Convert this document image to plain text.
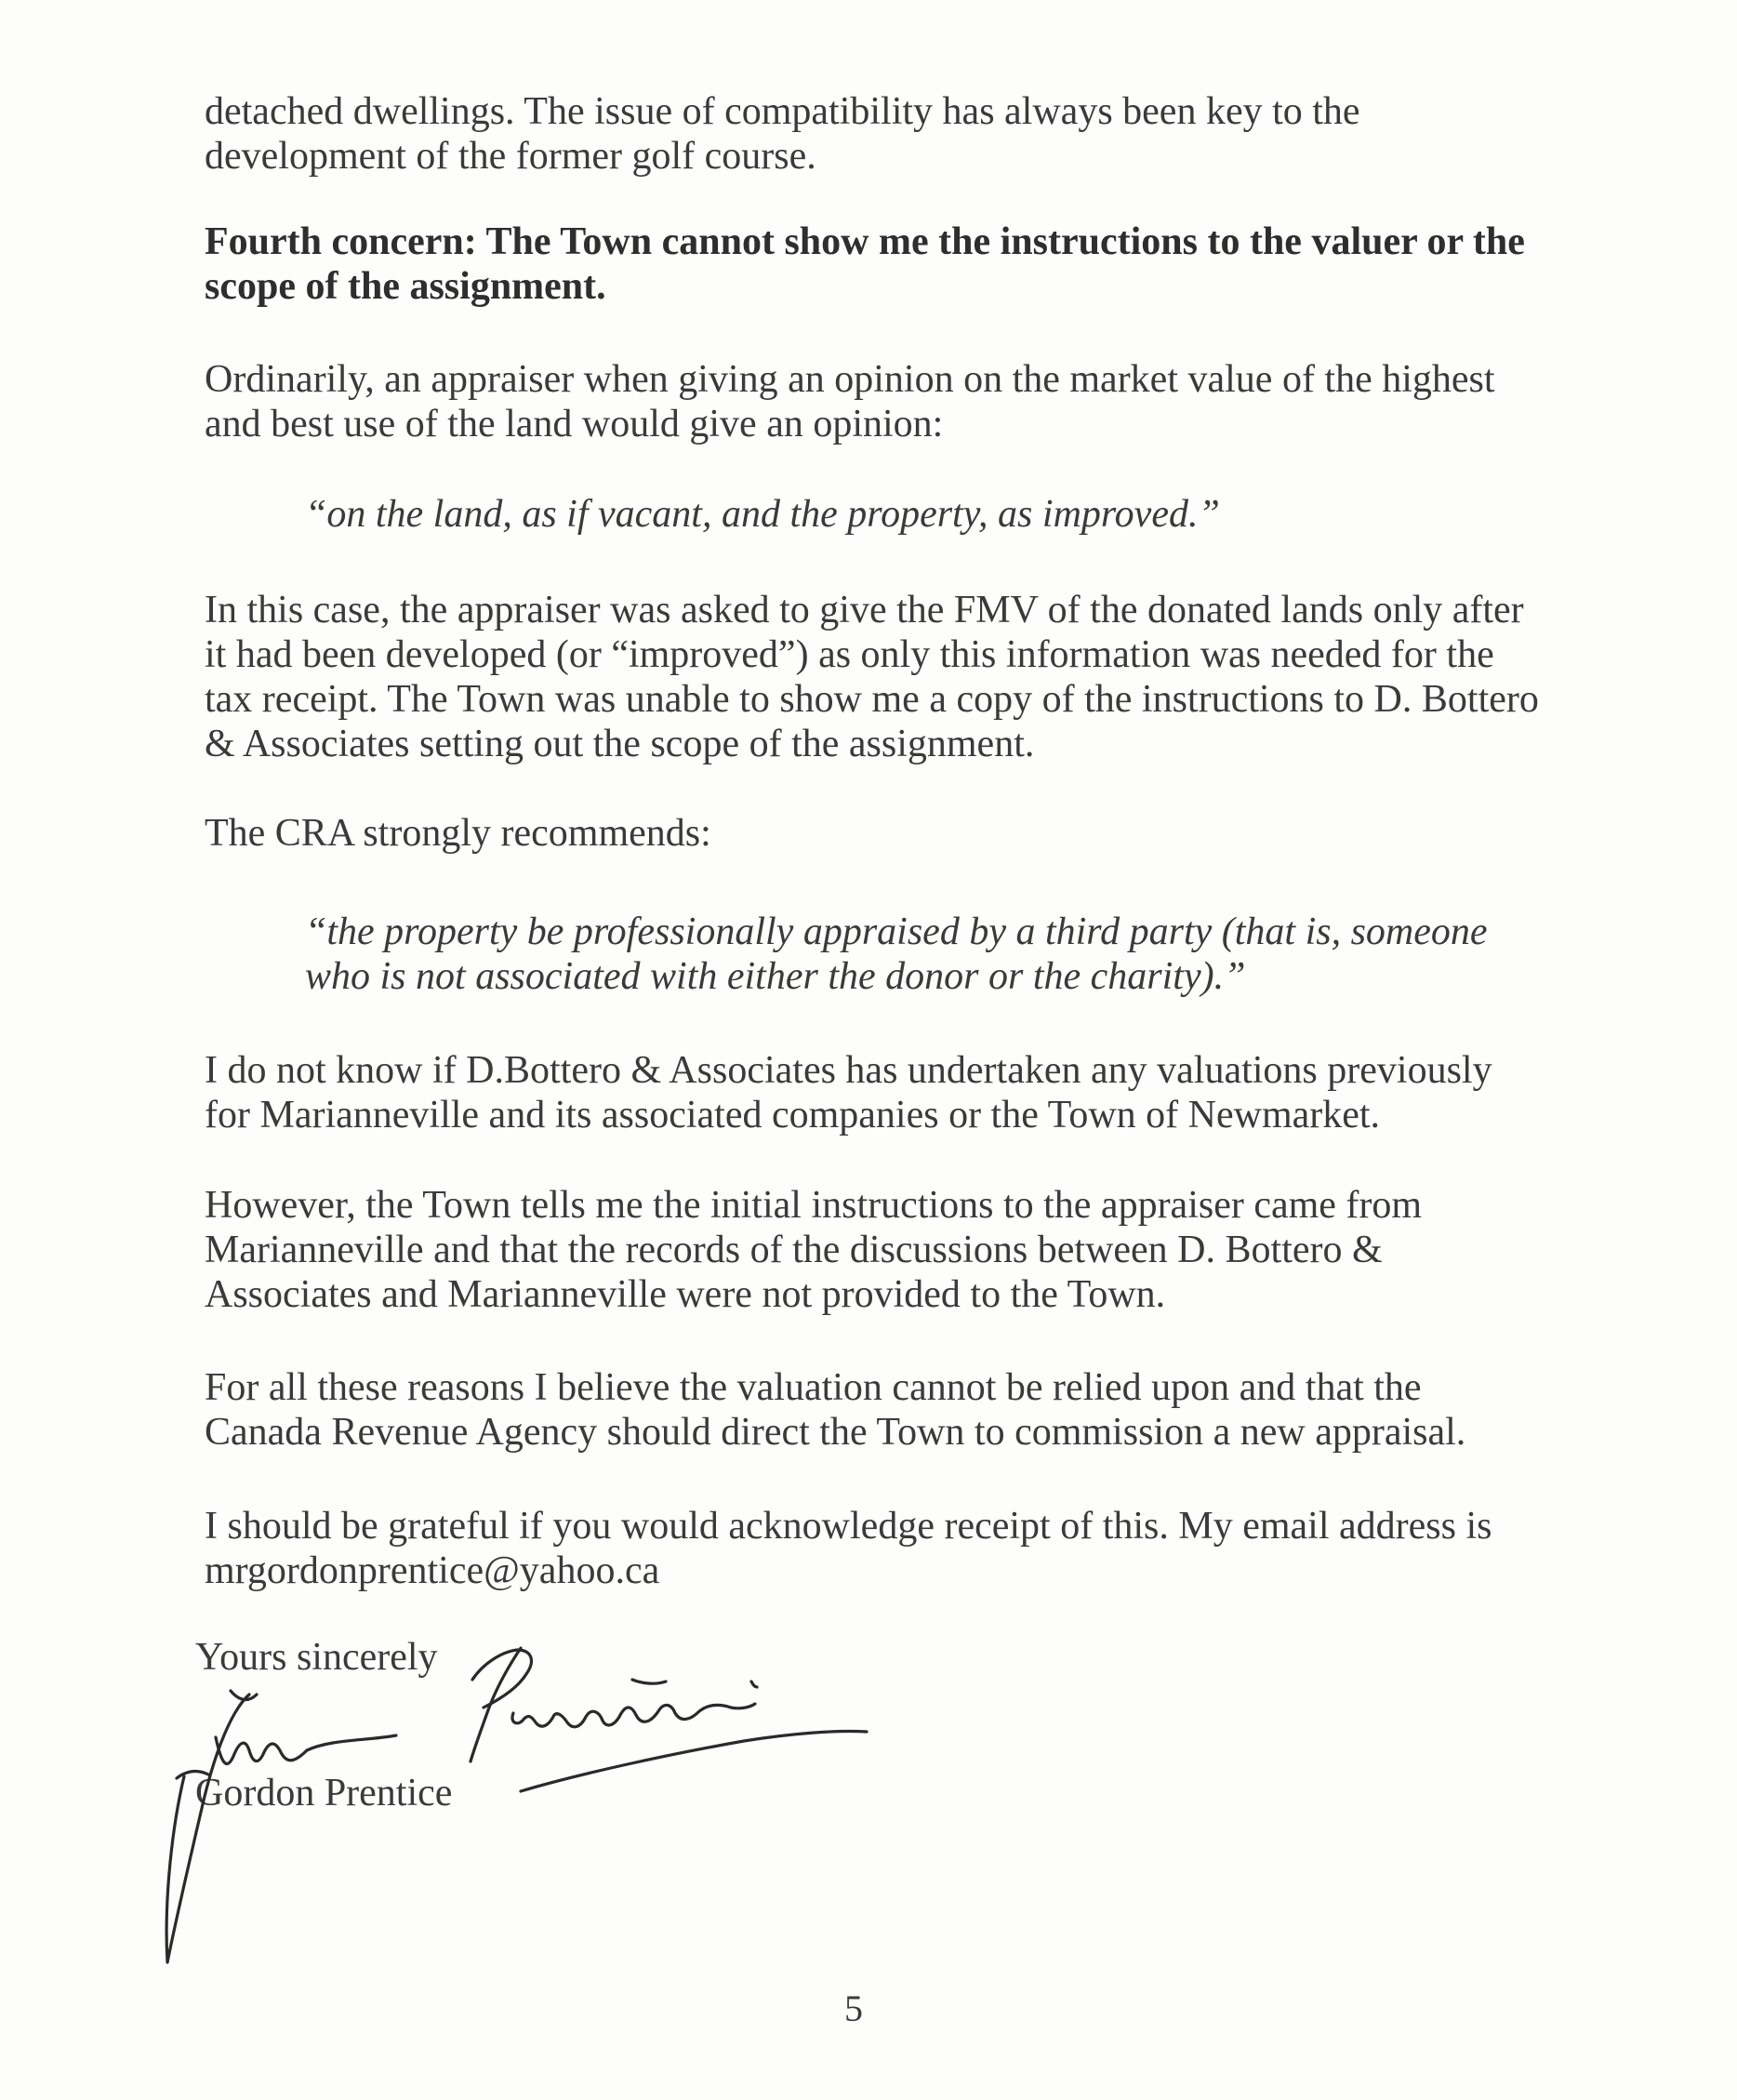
detached dwellings. The issue of compatibility has always been key to the development of the former golf course.

Fourth concern: The Town cannot show me the instructions to the valuer or the scope of the assignment.

Ordinarily, an appraiser when giving an opinion on the market value of the highest and best use of the land would give an opinion:

“on the land, as if vacant, and the property, as improved.”

In this case, the appraiser was asked to give the FMV of the donated lands only after it had been developed (or “improved”) as only this information was needed for the tax receipt. The Town was unable to show me a copy of the instructions to D. Bottero & Associates setting out the scope of the assignment.

The CRA strongly recommends:

“the property be professionally appraised by a third party (that is, someone who is not associated with either the donor or the charity).”

I do not know if D.Bottero & Associates has undertaken any valuations previously for Marianneville and its associated companies or the Town of Newmarket.

However, the Town tells me the initial instructions to the appraiser came from Marianneville and that the records of the discussions between D. Bottero & Associates and Marianneville were not provided to the Town.

For all these reasons I believe the valuation cannot be relied upon and that the Canada Revenue Agency should direct the Town to commission a new appraisal.

I should be grateful if you would acknowledge receipt of this. My email address is mrgordonprentice@yahoo.ca

Yours sincerely
Gordon Prentice
5
